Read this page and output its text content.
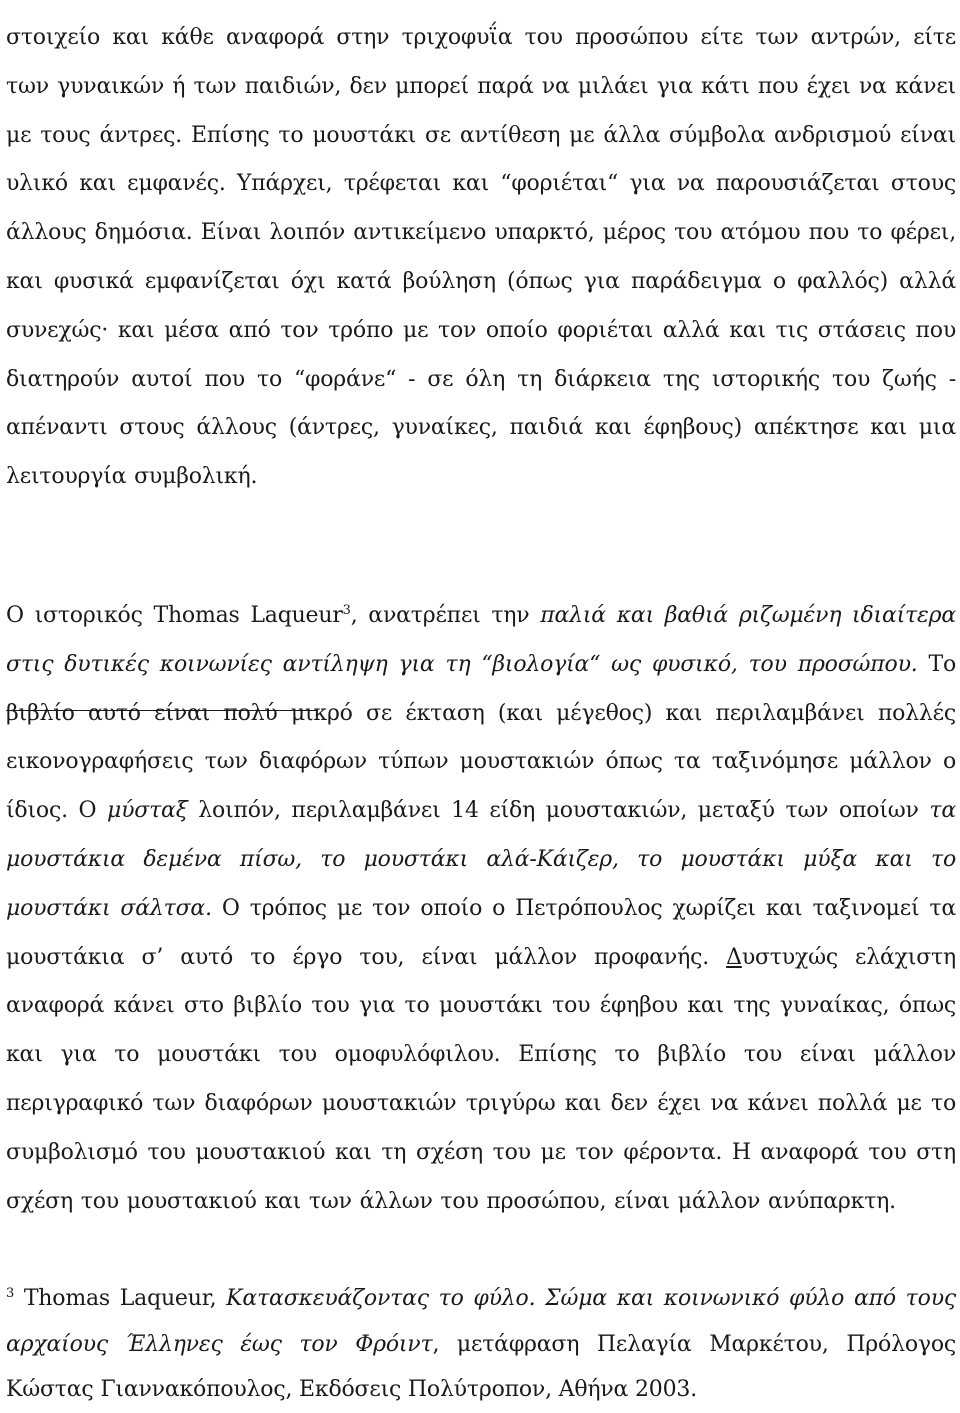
στοιχείο και κάθε αναφορά στην τριχοφυΐα του προσώπου είτε των αντρών, είτε των γυναικών ή των παιδιών, δεν μπορεί παρά να μιλάει για κάτι που έχει να κάνει με τους άντρες. Επίσης το μουστάκι σε αντίθεση με άλλα σύμβολα ανδρισμού είναι υλικό και εμφανές. Υπάρχει, τρέφεται και “φοριέται“ για να παρουσιάζεται στους άλλους δημόσια. Είναι λοιπόν αντικείμενο υπαρκτό, μέρος του ατόμου που το φέρει, και φυσικά εμφανίζεται όχι κατά βούληση (όπως για παράδειγμα ο φαλλός) αλλά συνεχώς· και μέσα από τον τρόπο με τον οποίο φοριέται αλλά και τις στάσεις που διατηρούν αυτοί που το “φοράνε“ - σε όλη τη διάρκεια της ιστορικής του ζωής - απέναντι στους άλλους (άντρες, γυναίκες, παιδιά και έφηβους) απέκτησε και μια λειτουργία συμβολική.

Ο ιστορικός Thomas Laqueur$^3$, ανατρέπει την παλιά και βαθιά ριζωμένη ιδιαίτερα στις δυτικές κοινωνίες αντίληψη για τη “βιολογία“ ως φυσικό, του προσώπου. Το βιβλίο αυτό είναι πολύ μικρό σε έκταση (και μέγεθος) και περιλαμβάνει πολλές εικονογραφήσεις των διαφόρων τύπων μουστακιών όπως τα ταξινόμησε μάλλον ο ίδιος. Ο μύσταξ λοιπόν, περιλαμβάνει 14 είδη μουστακιών, μεταξύ των οποίων τα μουστάκια δεμένα πίσω, το μουστάκι αλά-Κάιζερ, το μουστάκι μύξα και το μουστάκι σάλτσα. Ο τρόπος με τον οποίο ο Πετρόπουλος χωρίζει και ταξινομεί τα μουστάκια σ’ αυτό το έργο του, είναι μάλλον προφανής. Δυστυχώς ελάχιστη αναφορά κάνει στο βιβλίο του για το μουστάκι του έφηβου και της γυναίκας, όπως και για το μουστάκι του ομοφυλόφιλου. Επίσης το βιβλίο του είναι μάλλον περιγραφικό των διαφόρων μουστακιών τριγύρω και δεν έχει να κάνει πολλά με το συμβολισμό του μουστακιού και τη σχέση του με τον φέροντα. Η αναφορά του στη σχέση του μουστακιού και των άλλων του προσώπου, είναι μάλλον ανύπαρκτη.

$^3$ Thomas Laqueur, Κατασκευάζοντας το φύλο. Σώμα και κοινωνικό φύλο από τους αρχαίους Έλληνες έως τον Φρόιντ, μετάφραση Πελαγία Μαρκέτου, Πρόλογος Κώστας Γιαννακόπουλος, Εκδόσεις Πολύτροπον, Αθήνα 2003.
